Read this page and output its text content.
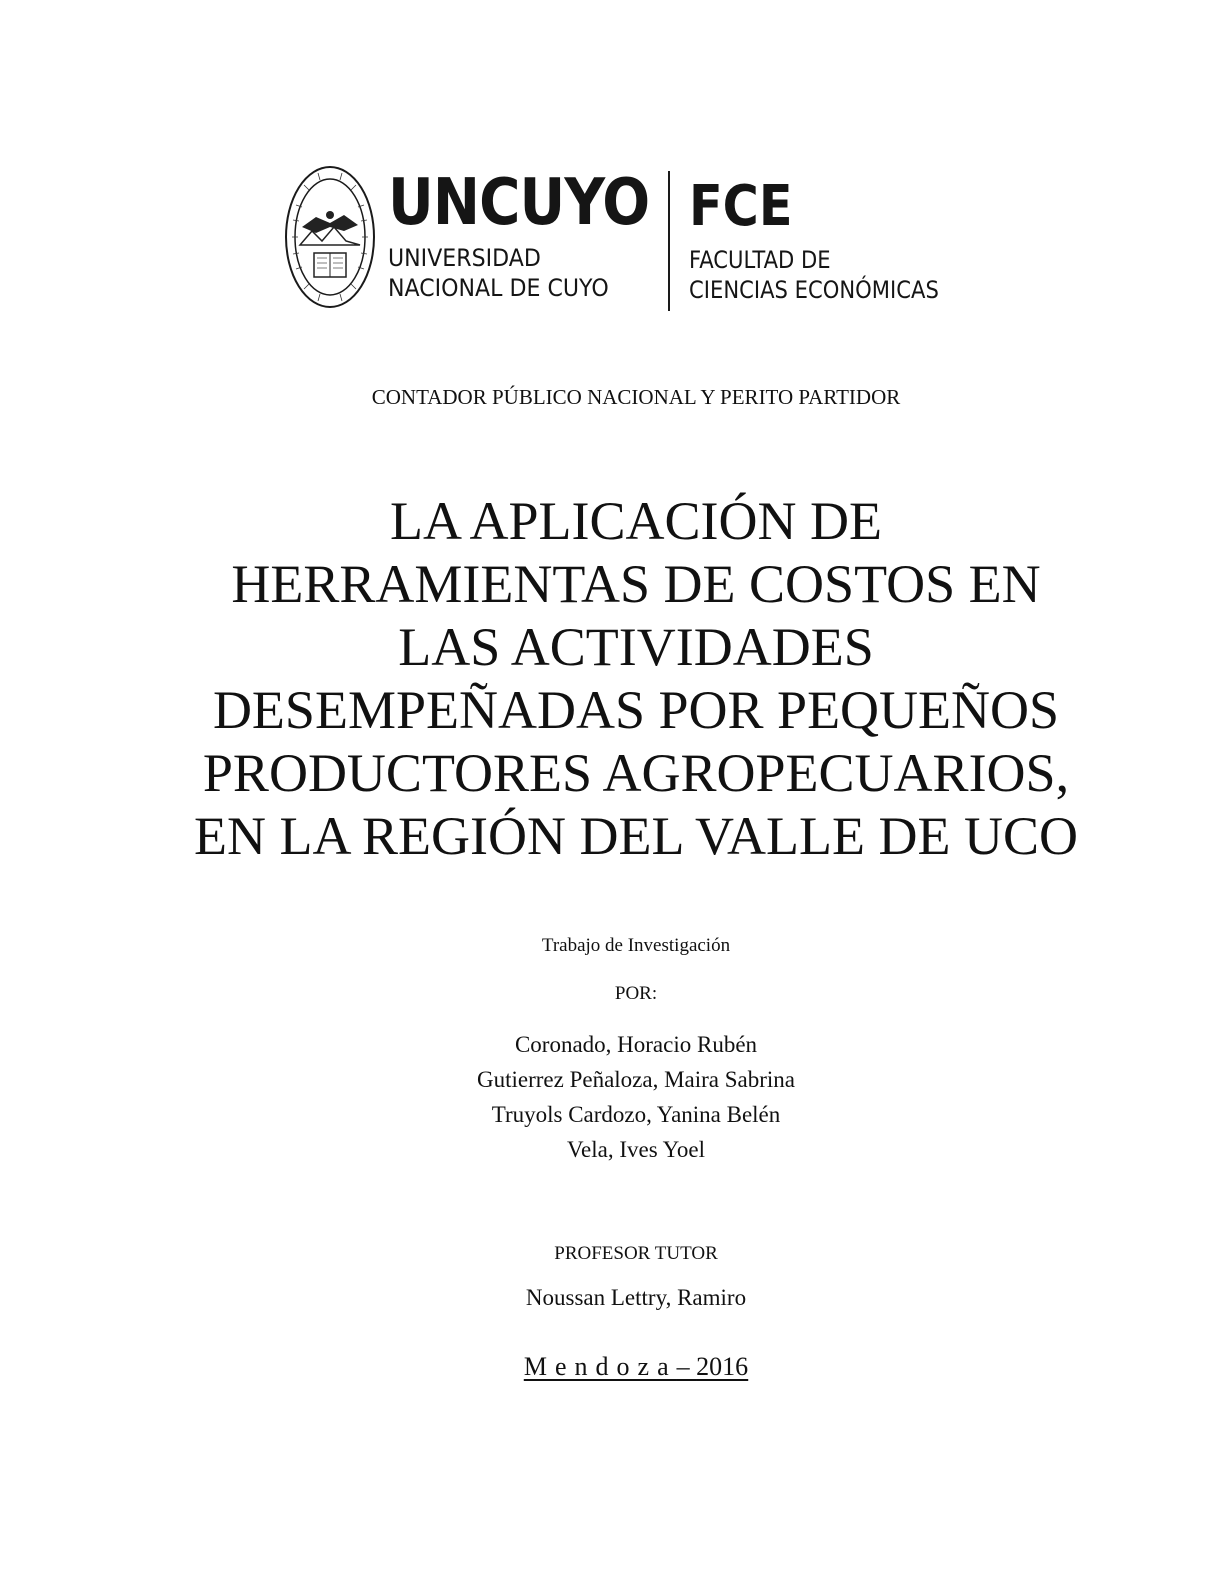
UNCUYO
UNIVERSIDAD
NACIONAL DE CUYO
FCE
FACULTAD DE
CIENCIAS ECONÓMICAS
CONTADOR PÚBLICO NACIONAL Y PERITO PARTIDOR
LA APLICACIÓN DE
HERRAMIENTAS DE COSTOS EN
LAS ACTIVIDADES
DESEMPEÑADAS POR PEQUEÑOS
PRODUCTORES AGROPECUARIOS,
EN LA REGIÓN DEL VALLE DE UCO
Trabajo de Investigación
POR:
Coronado, Horacio Rubén
Gutierrez Peñaloza, Maira Sabrina
Truyols Cardozo, Yanina Belén
Vela, Ives Yoel
PROFESOR TUTOR
Noussan Lettry, Ramiro
Mendoza– 2016
